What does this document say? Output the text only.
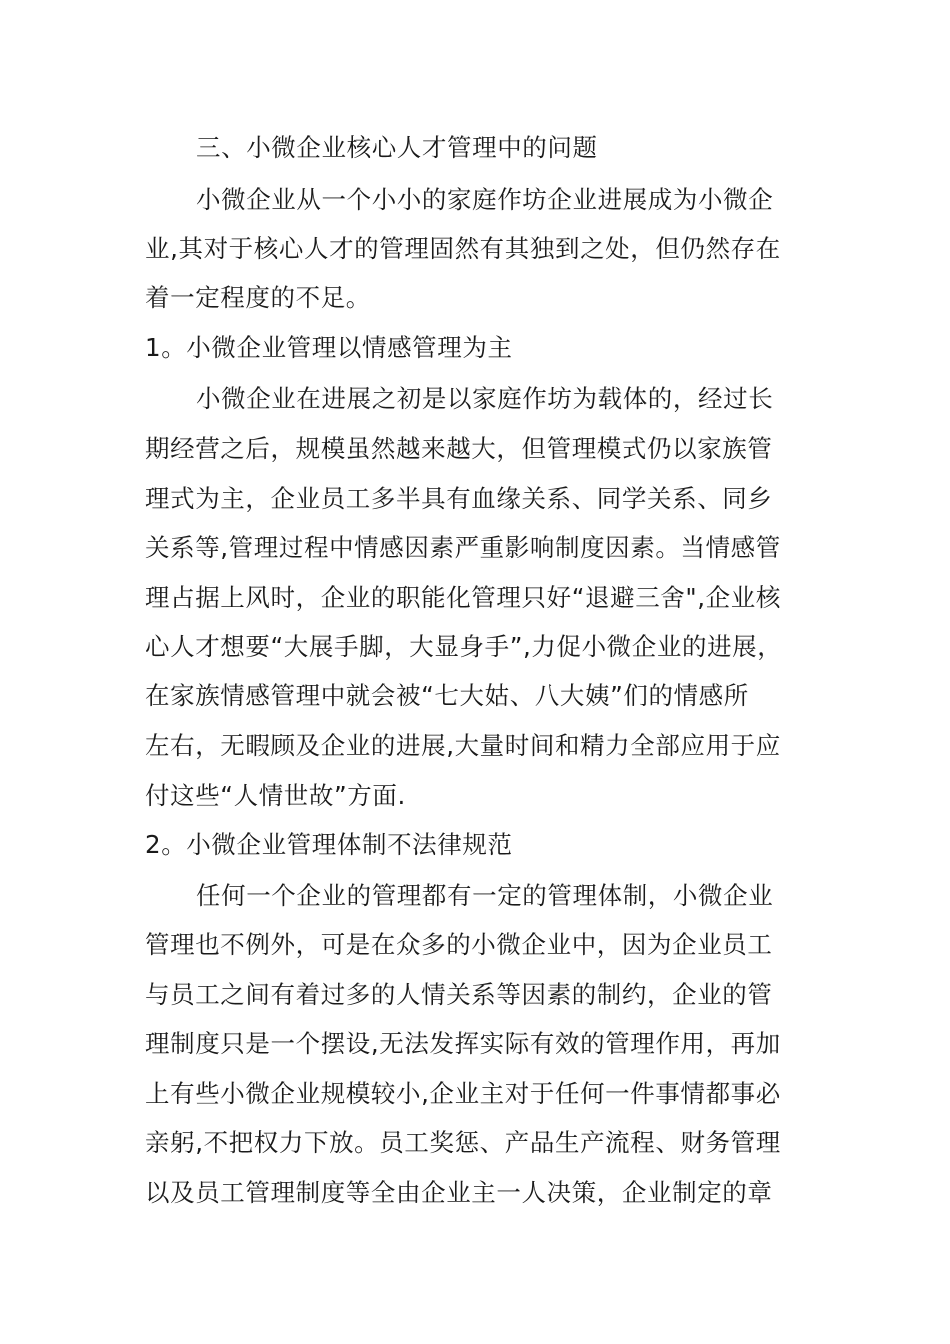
三、小微企业核心人才管理中的问题
小微企业从一个小小的家庭作坊企业进展成为小微企
业,其对于核心人才的管理固然有其独到之处，但仍然存在
着一定程度的不足。
1。小微企业管理以情感管理为主
小微企业在进展之初是以家庭作坊为载体的，经过长
期经营之后，规模虽然越来越大，但管理模式仍以家族管
理式为主，企业员工多半具有血缘关系、同学关系、同乡
关系等,管理过程中情感因素严重影响制度因素。当情感管
理占据上风时，企业的职能化管理只好“退避三舍",企业核
心人才想要“大展手脚，大显身手”,力促小微企业的进展，
在家族情感管理中就会被“七大姑、八大姨”们的情感所
左右，无暇顾及企业的进展,大量时间和精力全部应用于应
付这些“人情世故”方面.
2。小微企业管理体制不法律规范
任何一个企业的管理都有一定的管理体制，小微企业
管理也不例外，可是在众多的小微企业中，因为企业员工
与员工之间有着过多的人情关系等因素的制约，企业的管
理制度只是一个摆设,无法发挥实际有效的管理作用，再加
上有些小微企业规模较小,企业主对于任何一件事情都事必
亲躬,不把权力下放。员工奖惩、产品生产流程、财务管理
以及员工管理制度等全由企业主一人决策，企业制定的章
